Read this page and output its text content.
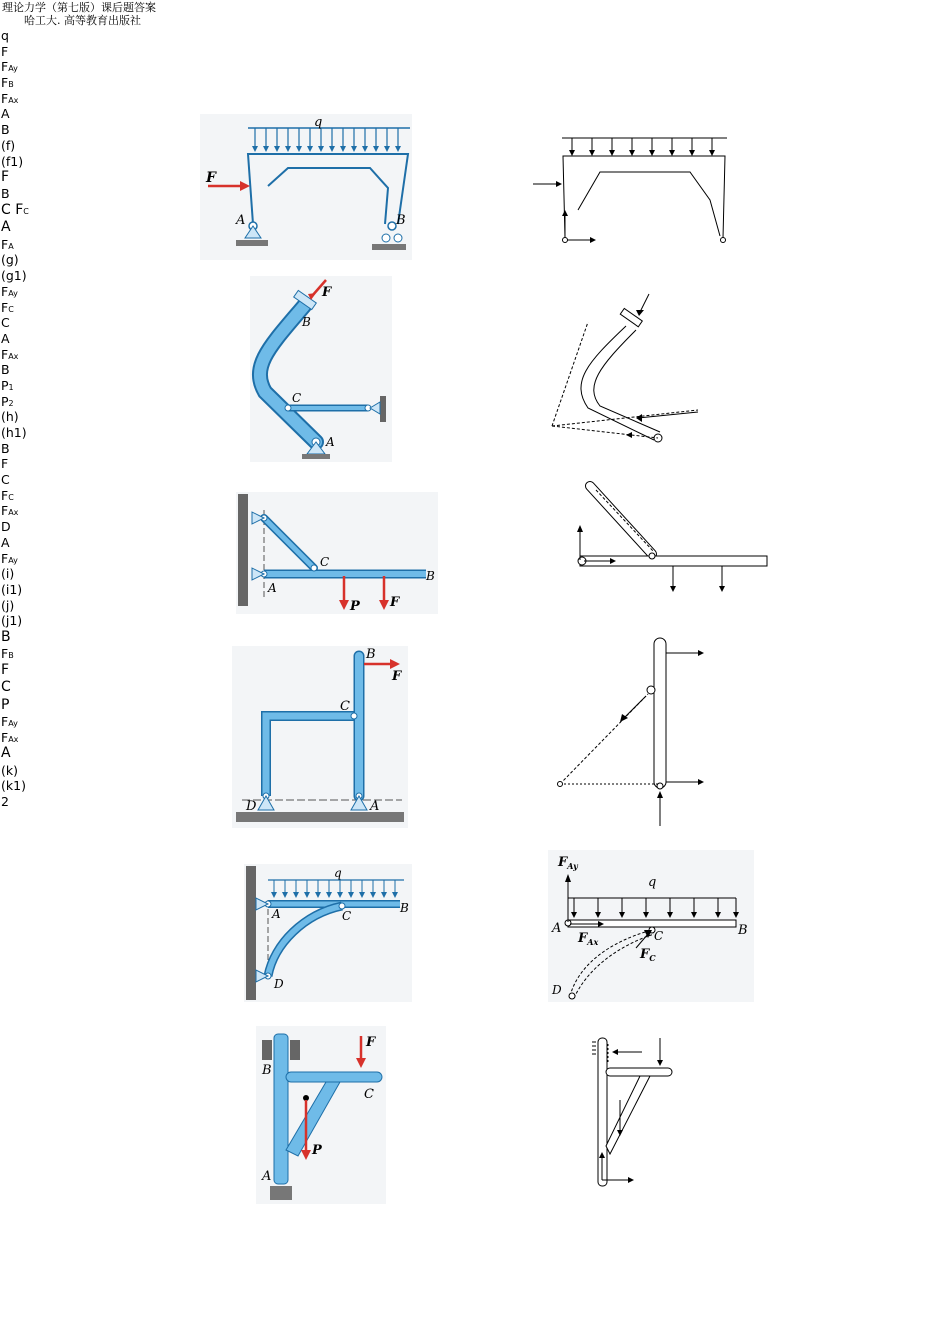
理论力学（第七版）课后题答案
哈工大. 高等教育出版社
q
F
FAy
FB
FAx
A
B
(f)
(f1)
F
B
C FC
A
FA
(g)
(g1)
FAy
FC
C
A
FAx
B
P1
P2
(h)
(h1)
B
F
C
FC
FAx
D
A
FAy
(i)
(i1)
(j)
(j1)
B
FB
F
C
P
FAy
FAx
A
(k)
(k1)
2
q
A	B
F
F
B
C
A
C
A
B
P F
B
F
C
D	A
q
A	B
C
D
$F_{Ay}$
q
A	B
C
D
$F_{Ax}$
$F_C$
F
B
C
P
A
